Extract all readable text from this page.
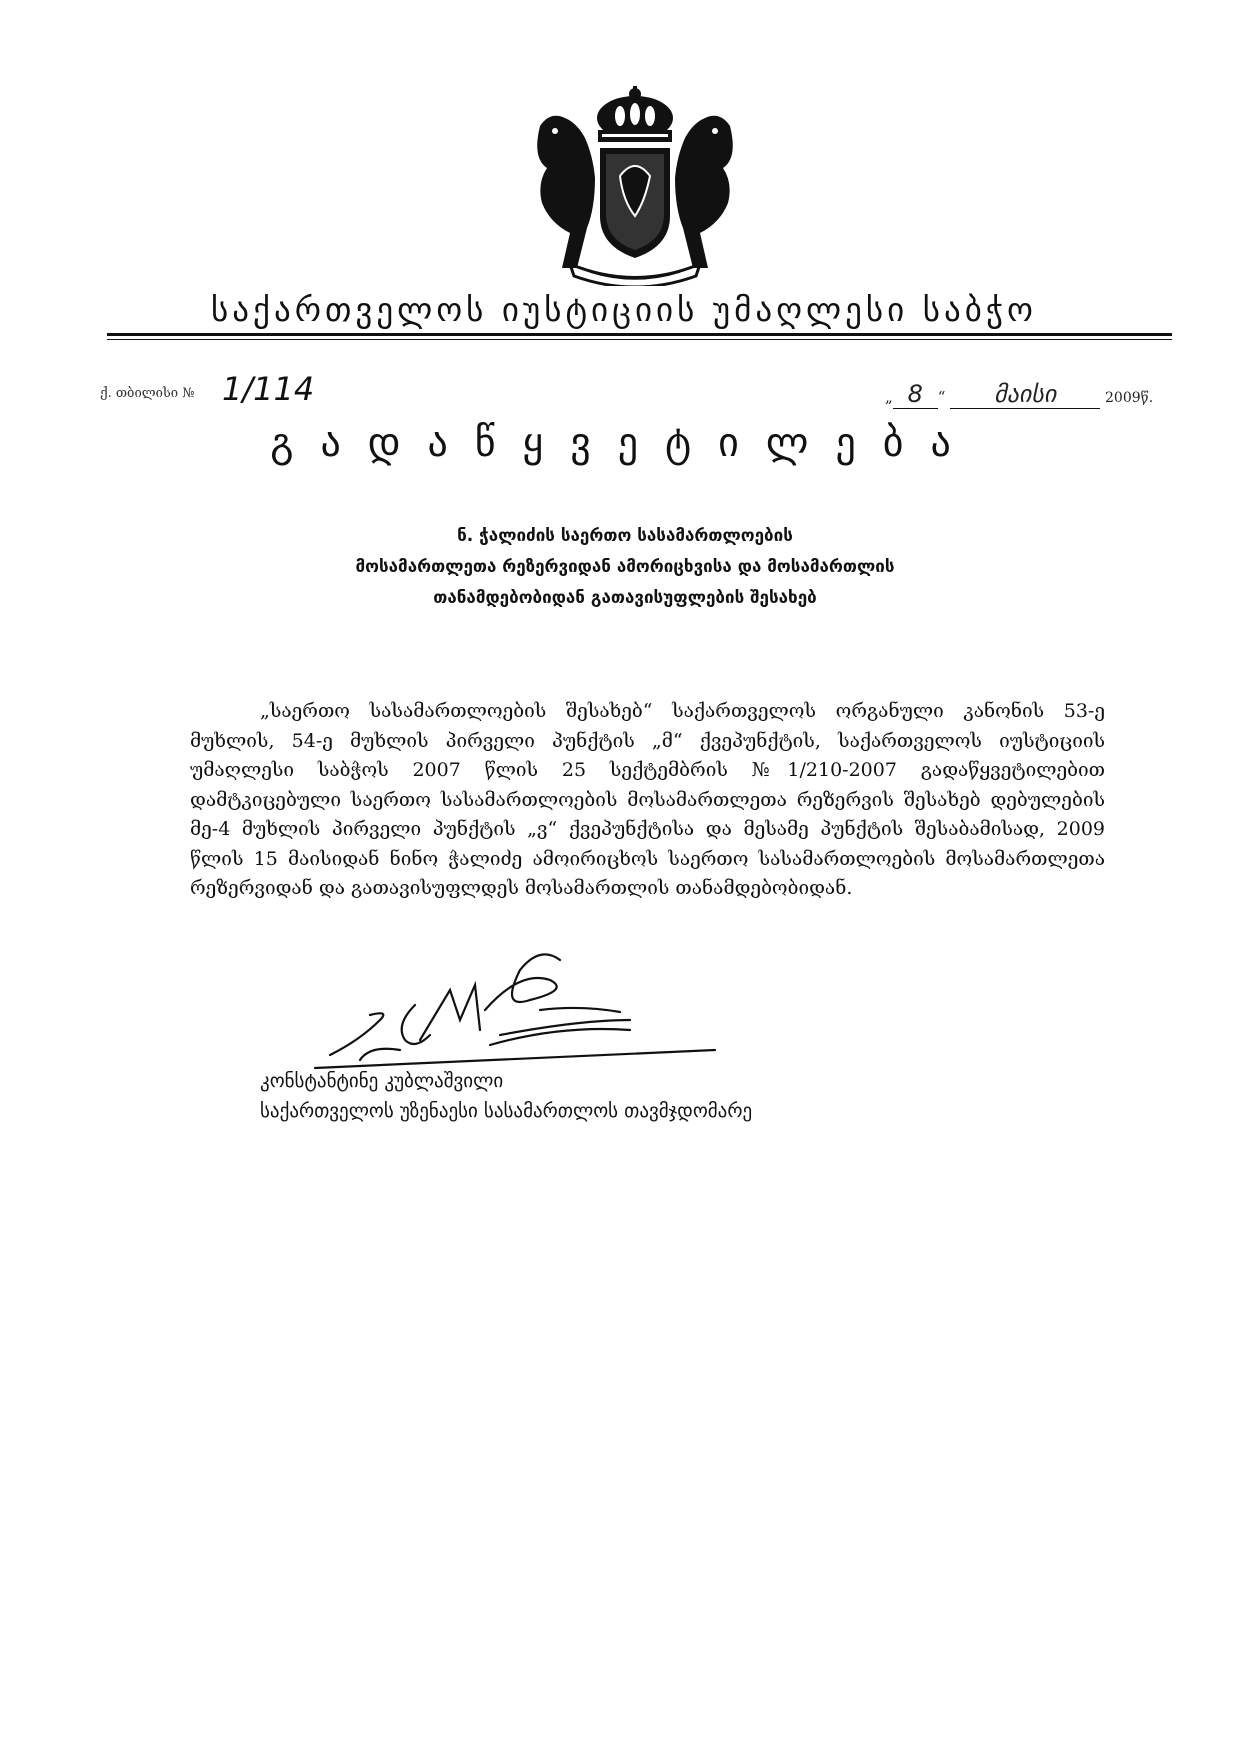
საქართველოს იუსტიციის უმაღლესი საბჭო
ქ. თბილისი № 1/114	„ 8 “ მაისი	2009წ.
გადაწყვეტილება
ნ. ჭალიძის საერთო სასამართლოების
მოსამართლეთა რეზერვიდან ამორიცხვისა და მოსამართლის
თანამდებობიდან გათავისუფლების შესახებ

„საერთო სასამართლოების შესახებ“ საქართველოს ორგანული კანონის 53-ე მუხლის, 54-ე მუხლის პირველი პუნქტის „მ“ ქვეპუნქტის, საქართველოს იუსტიციის უმაღლესი საბჭოს 2007 წლის 25 სექტემბრის №1/210-2007 გადაწყვეტილებით დამტკიცებული საერთო სასამართლოების მოსამართლეთა რეზერვის შესახებ დებულების მე-4 მუხლის პირველი პუნქტის „ვ“ ქვეპუნქტისა და მესამე პუნქტის შესაბამისად, 2009 წლის 15 მაისიდან ნინო ჭალიძე ამოირიცხოს საერთო სასამართლოების მოსამართლეთა რეზერვიდან და გათავისუფლდეს მოსამართლის თანამდებობიდან.

კონსტანტინე კუბლაშვილი
საქართველოს უზენაესი სასამართლოს თავმჯდომარე
